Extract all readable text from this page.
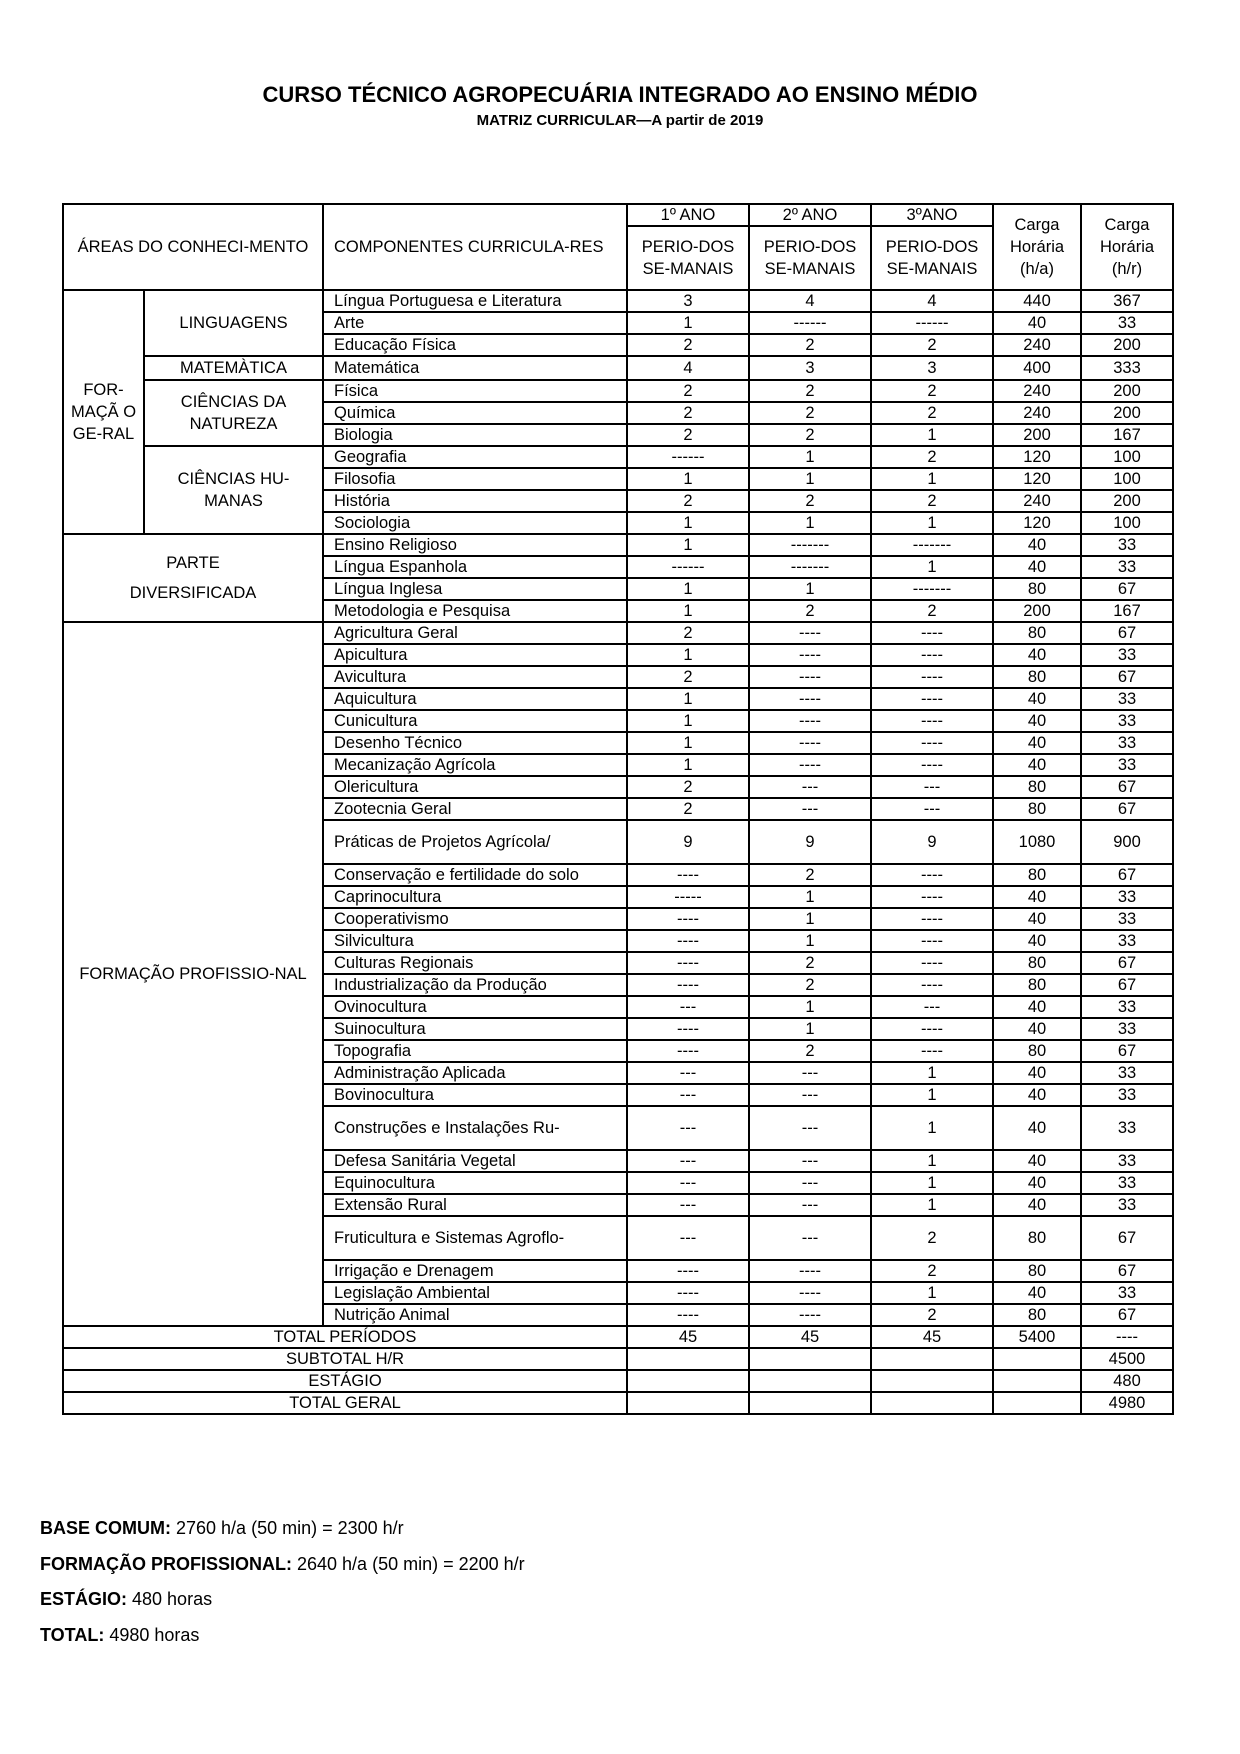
CURSO TÉCNICO AGROPECUÁRIA INTEGRADO AO ENSINO MÉDIO
MATRIZ CURRICULAR—A partir de 2019
ÁREAS DO CONHECI-MENTO		COMPONENTES CURRICULA-RES	1º ANO	2º ANO	3ºANO	Carga Horária (h/a)	Carga Horária (h/r)
			PERIO-DOS SE-MANAIS	PERIO-DOS SE-MANAIS	PERIO-DOS SE-MANAIS		
FOR-MAÇÃ O GE-RAL	LINGUAGENS	Língua Portuguesa e Literatura	3	4	4	440	367
		Arte	1	------	------	40	33
		Educação Física	2	2	2	240	200
	MATEMÀTICA	Matemática	4	3	3	400	333
	CIÊNCIAS DA NATUREZA	Física	2	2	2	240	200
		Química	2	2	2	240	200
		Biologia	2	2	1	200	167
	CIÊNCIAS HU-MANAS	Geografia	------	1	2	120	100
		Filosofia	1	1	1	120	100
		História	2	2	2	240	200
		Sociologia	1	1	1	120	100

PARTE
DIVERSIFICADA		Ensino Religioso	1	-------	-------	40	33
		Língua Espanhola	------	-------	1	40	33
		Língua Inglesa	1	1	-------	80	67
		Metodologia e Pesquisa	1	2	2	200	167
FORMAÇÃO PROFISSIO-NAL		Agricultura Geral	2	----	----	80	67
		Apicultura	1	----	----	40	33
		Avicultura	2	----	----	80	67
		Aquicultura	1	----	----	40	33
		Cunicultura	1	----	----	40	33
		Desenho Técnico	1	----	----	40	33
		Mecanização Agrícola	1	----	----	40	33
		Olericultura	2	---	---	80	67
		Zootecnia Geral	2	---	---	80	67
		Práticas de Projetos Agrícola/	9	9	9	1080	900
		Conservação e fertilidade do solo	----	2	----	80	67
		Caprinocultura	-----	1	----	40	33
		Cooperativismo	----	1	----	40	33
		Silvicultura	----	1	----	40	33
		Culturas Regionais	----	2	----	80	67
		Industrialização da Produção	----	2	----	80	67
		Ovinocultura	---	1	---	40	33
		Suinocultura	----	1	----	40	33
		Topografia	----	2	----	80	67
		Administração Aplicada	---	---	1	40	33
		Bovinocultura	---	---	1	40	33
		Construções e Instalações Ru-	---	---	1	40	33
		Defesa Sanitária Vegetal	---	---	1	40	33
		Equinocultura	---	---	1	40	33
		Extensão Rural	---	---	1	40	33
		Fruticultura e Sistemas Agroflo-	---	---	2	80	67
		Irrigação e Drenagem	----	----	2	80	67
		Legislação Ambiental	----	----	1	40	33
		Nutrição Animal	----	----	2	80	67
TOTAL PERÍODOS			45	45	45	5400	----
SUBTOTAL H/R							4500
ESTÁGIO							480
TOTAL GERAL							4980
BASE COMUM: 2760 h/a (50 min) = 2300 h/r
FORMAÇÃO PROFISSIONAL: 2640 h/a (50 min) = 2200 h/r
ESTÁGIO: 480 horas
TOTAL: 4980 horas
